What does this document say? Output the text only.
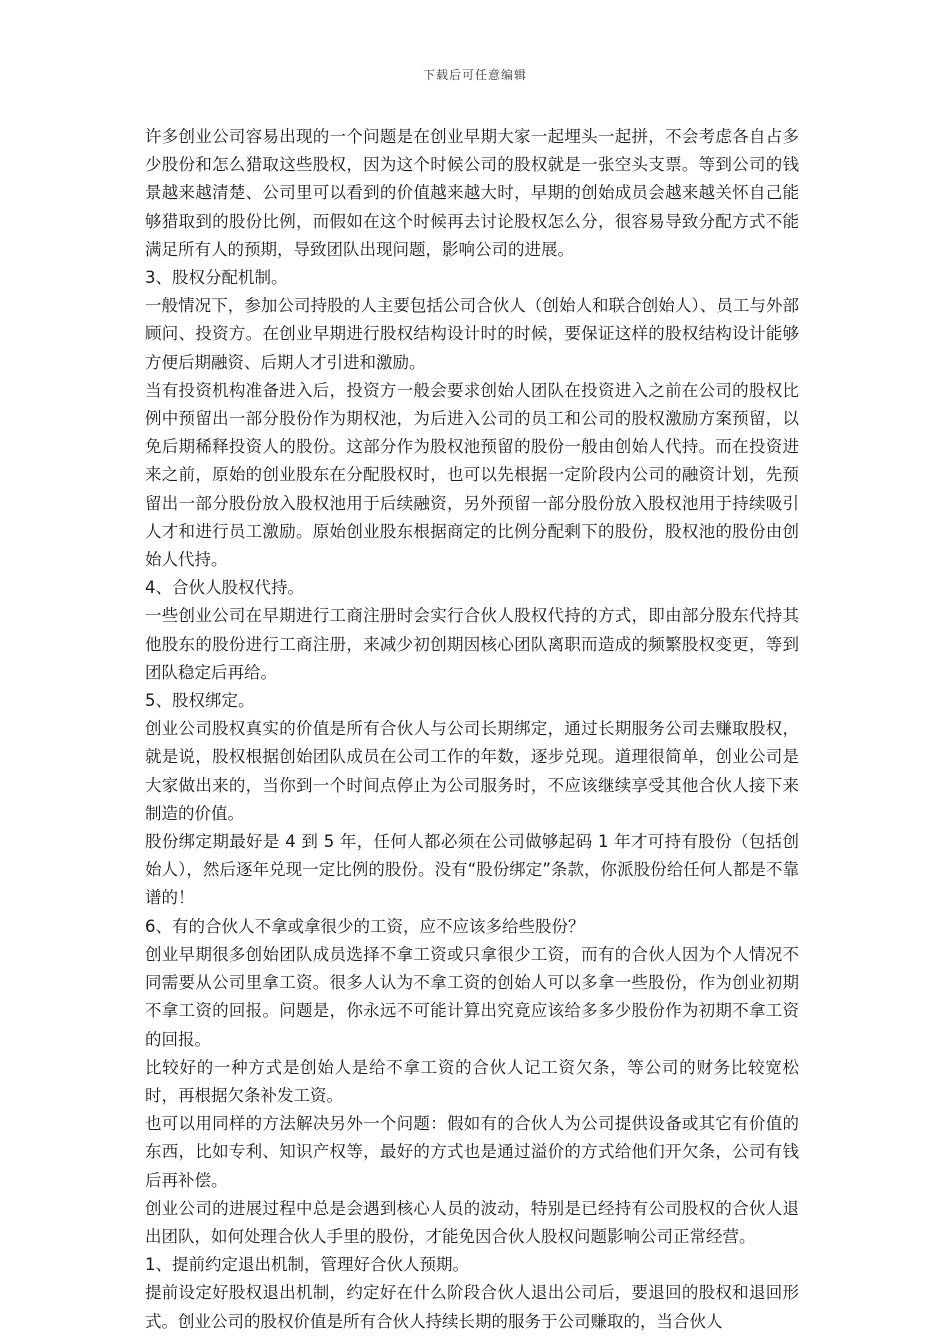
下载后可任意编辑

许多创业公司容易出现的一个问题是在创业早期大家一起埋头一起拼，不会考虑各自占多少股份和怎么猎取这些股权，因为这个时候公司的股权就是一张空头支票。等到公司的钱景越来越清楚、公司里可以看到的价值越来越大时，早期的创始成员会越来越关怀自己能够猎取到的股份比例，而假如在这个时候再去讨论股权怎么分，很容易导致分配方式不能满足所有人的预期，导致团队出现问题，影响公司的进展。

3、股权分配机制。

一般情况下，参加公司持股的人主要包括公司合伙人（创始人和联合创始人）、员工与外部顾问、投资方。在创业早期进行股权结构设计时的时候，要保证这样的股权结构设计能够方便后期融资、后期人才引进和激励。

当有投资机构准备进入后，投资方一般会要求创始人团队在投资进入之前在公司的股权比例中预留出一部分股份作为期权池，为后进入公司的员工和公司的股权激励方案预留，以免后期稀释投资人的股份。这部分作为股权池预留的股份一般由创始人代持。而在投资进来之前，原始的创业股东在分配股权时，也可以先根据一定阶段内公司的融资计划，先预留出一部分股份放入股权池用于后续融资，另外预留一部分股份放入股权池用于持续吸引人才和进行员工激励。原始创业股东根据商定的比例分配剩下的股份，股权池的股份由创始人代持。

4、合伙人股权代持。

一些创业公司在早期进行工商注册时会实行合伙人股权代持的方式，即由部分股东代持其他股东的股份进行工商注册，来减少初创期因核心团队离职而造成的频繁股权变更，等到团队稳定后再给。

5、股权绑定。

创业公司股权真实的价值是所有合伙人与公司长期绑定，通过长期服务公司去赚取股权，就是说，股权根据创始团队成员在公司工作的年数，逐步兑现。道理很简单，创业公司是大家做出来的，当你到一个时间点停止为公司服务时，不应该继续享受其他合伙人接下来制造的价值。

股份绑定期最好是 4 到 5 年，任何人都必须在公司做够起码 1 年才可持有股份（包括创始人），然后逐年兑现一定比例的股份。没有“股份绑定”条款，你派股份给任何人都是不靠谱的！

6、有的合伙人不拿或拿很少的工资，应不应该多给些股份？

创业早期很多创始团队成员选择不拿工资或只拿很少工资，而有的合伙人因为个人情况不同需要从公司里拿工资。很多人认为不拿工资的创始人可以多拿一些股份，作为创业初期不拿工资的回报。问题是，你永远不可能计算出究竟应该给多多少股份作为初期不拿工资的回报。

比较好的一种方式是创始人是给不拿工资的合伙人记工资欠条，等公司的财务比较宽松时，再根据欠条补发工资。

也可以用同样的方法解决另外一个问题：假如有的合伙人为公司提供设备或其它有价值的东西，比如专利、知识产权等，最好的方式也是通过溢价的方式给他们开欠条，公司有钱后再补偿。

创业公司的进展过程中总是会遇到核心人员的波动，特别是已经持有公司股权的合伙人退出团队，如何处理合伙人手里的股份，才能免因合伙人股权问题影响公司正常经营。

1、提前约定退出机制，管理好合伙人预期。

提前设定好股权退出机制，约定好在什么阶段合伙人退出公司后，要退回的股权和退回形式。创业公司的股权价值是所有合伙人持续长期的服务于公司赚取的，当合伙人
